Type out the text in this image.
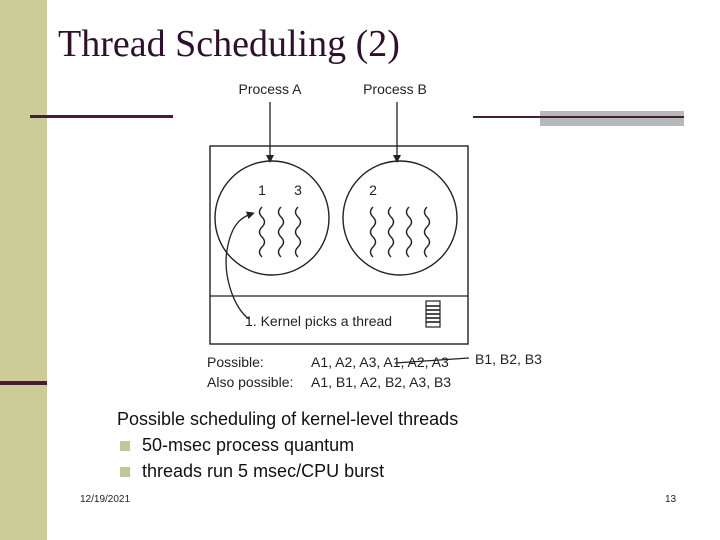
Thread Scheduling (2)
Process A	Process B
1 3	2
1. Kernel picks a thread
Possible:	A1, A2, A3, A1, A2, A3
Also possible: A1, B1, A2, B2, A3, B3
B1, B2, B3
Possible scheduling of kernel-level threads
50-msec process quantum
threads run 5 msec/CPU burst
12/19/2021	13
